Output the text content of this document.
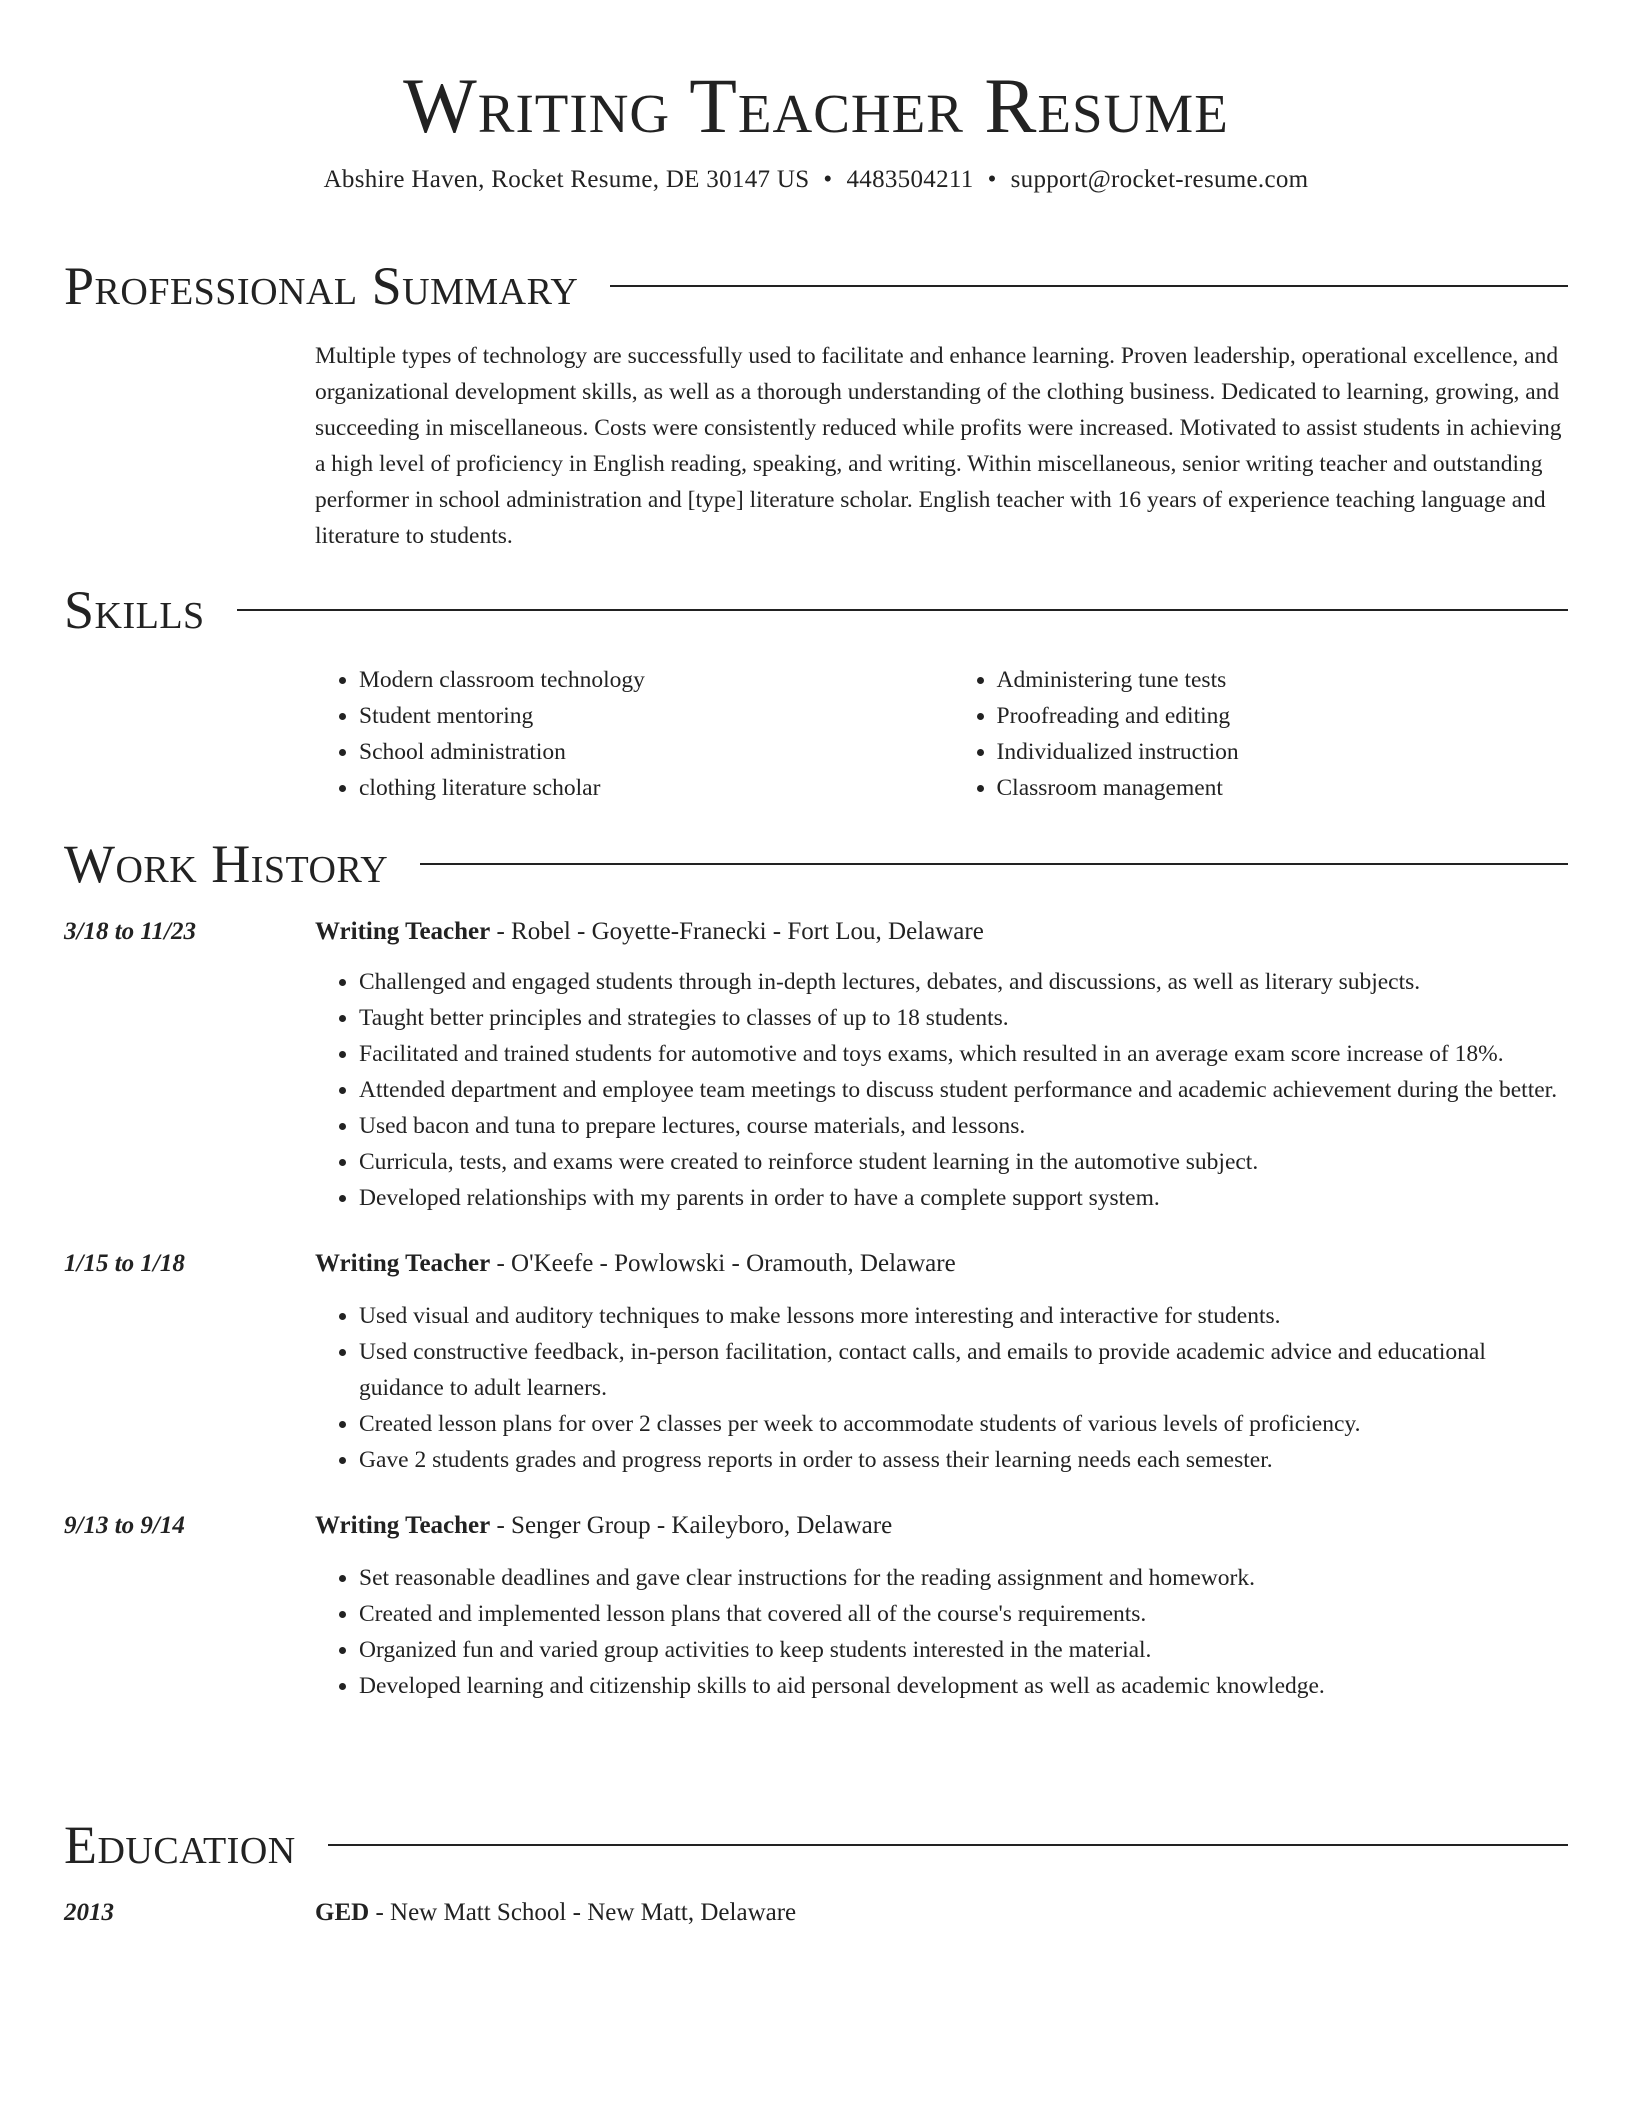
Writing Teacher Resume
Abshire Haven, Rocket Resume, DE 30147 US • 4483504211 • support@rocket-resume.com
Professional Summary
Multiple types of technology are successfully used to facilitate and enhance learning. Proven leadership, operational excellence, and organizational development skills, as well as a thorough understanding of the clothing business. Dedicated to learning, growing, and succeeding in miscellaneous. Costs were consistently reduced while profits were increased. Motivated to assist students in achieving a high level of proficiency in English reading, speaking, and writing. Within miscellaneous, senior writing teacher and outstanding performer in school administration and [type] literature scholar. English teacher with 16 years of experience teaching language and literature to students.
Skills
• Modern classroom technology
• Student mentoring
• School administration
• clothing literature scholar
• Administering tune tests
• Proofreading and editing
• Individualized instruction
• Classroom management
Work History
3/18 to 11/23	Writing Teacher - Robel - Goyette-Franecki - Fort Lou, Delaware
• Challenged and engaged students through in-depth lectures, debates, and discussions, as well as literary subjects.
• Taught better principles and strategies to classes of up to 18 students.
• Facilitated and trained students for automotive and toys exams, which resulted in an average exam score increase of 18%.
• Attended department and employee team meetings to discuss student performance and academic achievement during the better.
• Used bacon and tuna to prepare lectures, course materials, and lessons.
• Curricula, tests, and exams were created to reinforce student learning in the automotive subject.
• Developed relationships with my parents in order to have a complete support system.
1/15 to 1/18	Writing Teacher - O'Keefe - Powlowski - Oramouth, Delaware
• Used visual and auditory techniques to make lessons more interesting and interactive for students.
• Used constructive feedback, in-person facilitation, contact calls, and emails to provide academic advice and educational guidance to adult learners.
• Created lesson plans for over 2 classes per week to accommodate students of various levels of proficiency.
• Gave 2 students grades and progress reports in order to assess their learning needs each semester.
9/13 to 9/14	Writing Teacher - Senger Group - Kaileyboro, Delaware
• Set reasonable deadlines and gave clear instructions for the reading assignment and homework.
• Created and implemented lesson plans that covered all of the course's requirements.
• Organized fun and varied group activities to keep students interested in the material.
• Developed learning and citizenship skills to aid personal development as well as academic knowledge.
Education
2013	GED - New Matt School - New Matt, Delaware
